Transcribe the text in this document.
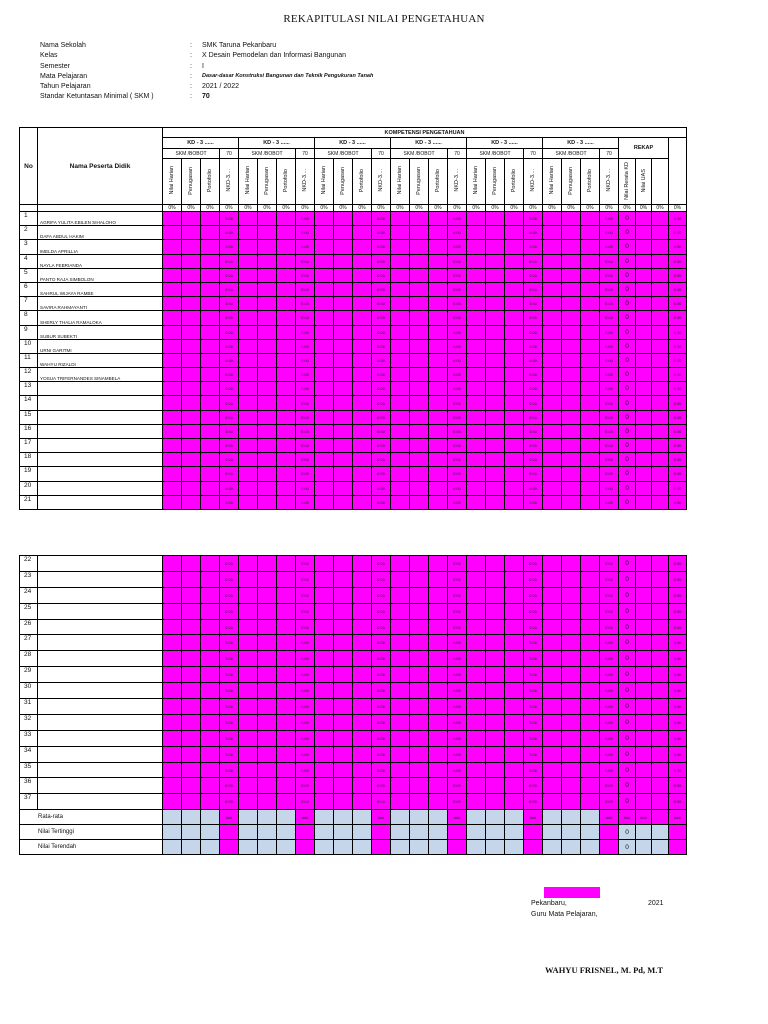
REKAPITULASI NILAI PENGETAHUAN
Nama Sekolah	:	SMK Taruna Pekanbaru
Kelas	:	X Desain Pemodelan dan Informasi Bangunan
Semester	:	I
Mata Pelajaran	:	Dasar-dasar Konstruksi Bangunan dan Teknik Pengukuran Tanah
Tahun Pelajaran	:	2021 / 2022
Standar Ketuntasan Minimal ( SKM )	:	70
No	Nama Peserta Didik	KOMPETENSI PENGETAHUAN	
		KD - 3 ......				KD - 3 ......				KD - 3 ......				KD - 3 ......				KD - 3 ......				KD - 3 ......				REKAP				
		SKM /BOBOT			70	SKM /BOBOT			70	SKM /BOBOT			70	SKM /BOBOT			70	SKM /BOBOT			70	SKM /BOBOT			70					
		Nilai Harian	Penugasan	Portofolio	NKD-3....	Nilai Harian	Penugasan	Portofolio	NKD-3....	Nilai Harian	Penugasan	Portofolio	NKD-3....	Nilai Harian	Penugasan	Portofolio	NKD-3....	Nilai Harian	Penugasan	Portofolio	NKD-3....	Nilai Harian	Penugasan	Portofolio	NKD-3....	Nilai Rerata KD	Nilai UAS			
		0%	0%	0%	0%	0%	0%	0%	0%	0%	0%	0%	0%	0%	0%	0%	0%	0%	0%	0%	0%	0%	0%	0%	0%	0%	0%	0%	0%	
1	AGRIFA YULITA EBILEN SIHALOHO				0.00				0.00				0.00				0.00				0.00				0.00	0			0.00	
2	DAFA ABDUL HAKIM				0.00				0.00				0.00				0.00				0.00				0.00	0			0.00	
3	IMELDA APRILLIA				0.00				0.00				0.00				0.00				0.00				0.00	0			0.00	
4	NAYLA FEBRIANDA				0.00				0.00				0.00				0.00				0.00				0.00	0			0.00	
5	PANTO RAJA SIMBOLON				0.00				0.00				0.00				0.00				0.00				0.00	0			0.00	
6	SAHRUL WIJAYA RAMBE				0.00				0.00				0.00				0.00				0.00				0.00	0			0.00	
7	SAVIRA RAHMAYANTI				0.00				0.00				0.00				0.00				0.00				0.00	0			0.00	
8	SHERLY THALIA RAMALOKA				0.00				0.00				0.00				0.00				0.00				0.00	0			0.00	
9	SUBUR SUBEKTI				0.00				0.00				0.00				0.00				0.00				0.00	0			0.00	
10	URNI GARITMI				0.00				0.00				0.00				0.00				0.00				0.00	0			0.00	
11	WAHYU RIZALDI				0.00				0.00				0.00				0.00				0.00				0.00	0			0.00	
12	YOSUA TRIFERNANDES SINAMBELA				0.00				0.00				0.00				0.00				0.00				0.00	0			0.00	
13					0.00				0.00				0.00				0.00				0.00				0.00	0			0.00	
14					0.00				0.00				0.00				0.00				0.00				0.00	0			0.00	
15					0.00				0.00				0.00				0.00				0.00				0.00	0			0.00	
16					0.00				0.00				0.00				0.00				0.00				0.00	0			0.00	
17					0.00				0.00				0.00				0.00				0.00				0.00	0			0.00	
18					0.00				0.00				0.00				0.00				0.00				0.00	0			0.00	
19					0.00				0.00				0.00				0.00				0.00				0.00	0			0.00	
20					0.00				0.00				0.00				0.00				0.00				0.00	0			0.00	
21					0.00				0.00				0.00				0.00				0.00				0.00	0			0.00	
22					0.00				0.00				0.00				0.00				0.00				0.00	0			0.00
23					0.00				0.00				0.00				0.00				0.00				0.00	0			0.00
24					0.00				0.00				0.00				0.00				0.00				0.00	0			0.00
25					0.00				0.00				0.00				0.00				0.00				0.00	0			0.00
26					0.00				0.00				0.00				0.00				0.00				0.00	0			0.00
27					0.00				0.00				0.00				0.00				0.00				0.00	0			0.00
28					0.00				0.00				0.00				0.00				0.00				0.00	0			0.00
29					0.00				0.00				0.00				0.00				0.00				0.00	0			0.00
30					0.00				0.00				0.00				0.00				0.00				0.00	0			0.00
31					0.00				0.00				0.00				0.00				0.00				0.00	0			0.00
32					0.00				0.00				0.00				0.00				0.00				0.00	0			0.00
33					0.00				0.00				0.00				0.00				0.00				0.00	0			0.00
34					0.00				0.00				0.00				0.00				0.00				0.00	0			0.00
35					0.00				0.00				0.00				0.00				0.00				0.00	0			0.00
36					0.00				0.00				0.00				0.00				0.00				0.00	0			0.00
37					0.00				0.00				0.00				0.00				0.00				0.00	0			0.00
Rata-rata					###				###				###				###				###				###	###	###		###
Nilai Tertinggi																										0			
Nilai Terendah																										0			
Pekanbaru,	2021
Guru Mata Pelajaran,
WAHYU FRISNEL, M. Pd, M.T
